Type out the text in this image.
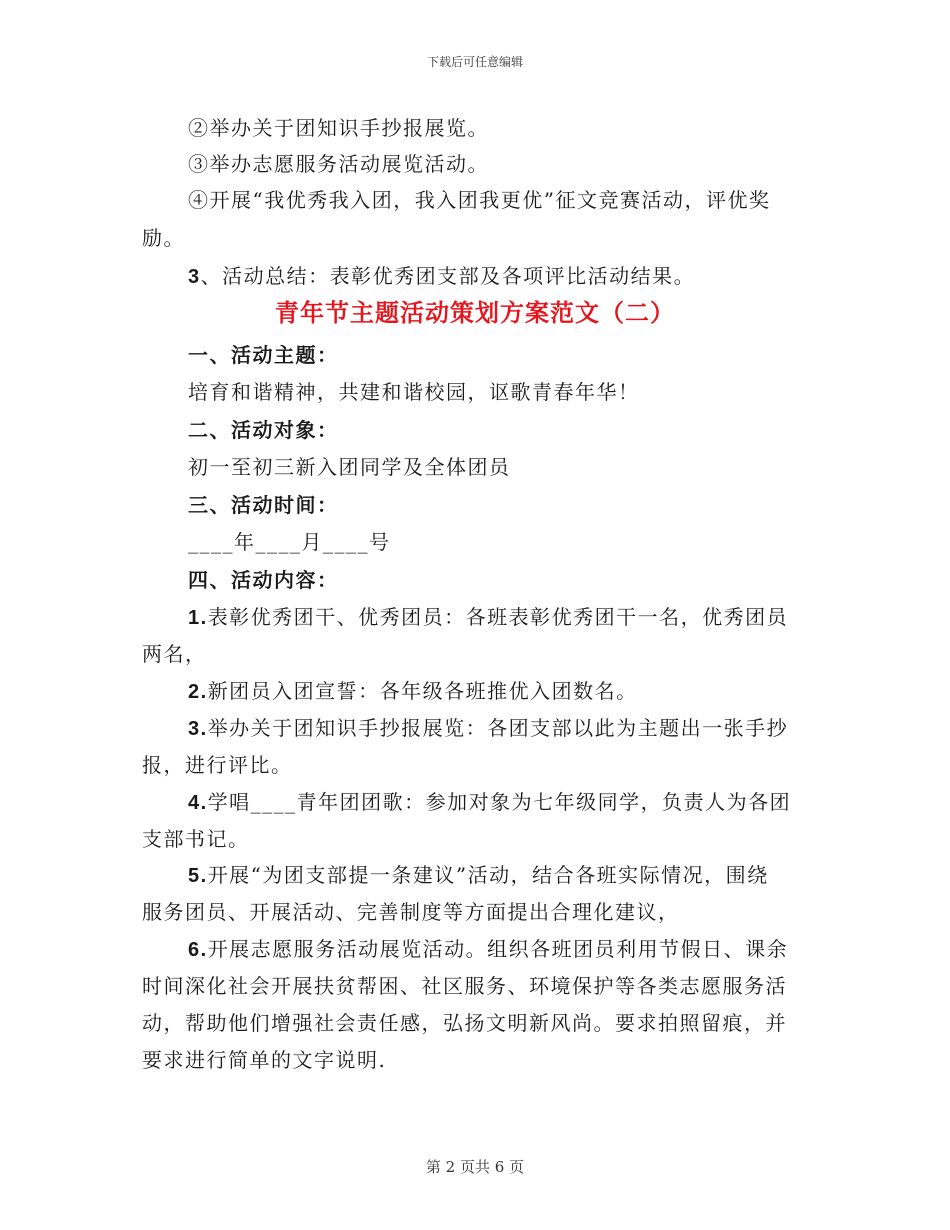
下载后可任意编辑
②举办关于团知识手抄报展览。
③举办志愿服务活动展览活动。
④开展“我优秀我入团，我入团我更优”征文竞赛活动，评优奖
励。
3、活动总结：表彰优秀团支部及各项评比活动结果。
青年节主题活动策划方案范文（二）
一、活动主题：
培育和谐精神，共建和谐校园，讴歌青春年华！
二、活动对象：
初一至初三新入团同学及全体团员
三、活动时间：
____年____月____号
四、活动内容：
1.表彰优秀团干、优秀团员：各班表彰优秀团干一名，优秀团员
两名，
2.新团员入团宣誓：各年级各班推优入团数名。
3.举办关于团知识手抄报展览：各团支部以此为主题出一张手抄
报，进行评比。
4.学唱____青年团团歌：参加对象为七年级同学，负责人为各团
支部书记。
5.开展“为团支部提一条建议”活动，结合各班实际情况，围绕
服务团员、开展活动、完善制度等方面提出合理化建议，
6.开展志愿服务活动展览活动。组织各班团员利用节假日、课余
时间深化社会开展扶贫帮困、社区服务、环境保护等各类志愿服务活
动，帮助他们增强社会责任感，弘扬文明新风尚。要求拍照留痕，并
要求进行简单的文字说明.
第 2 页共 6 页
